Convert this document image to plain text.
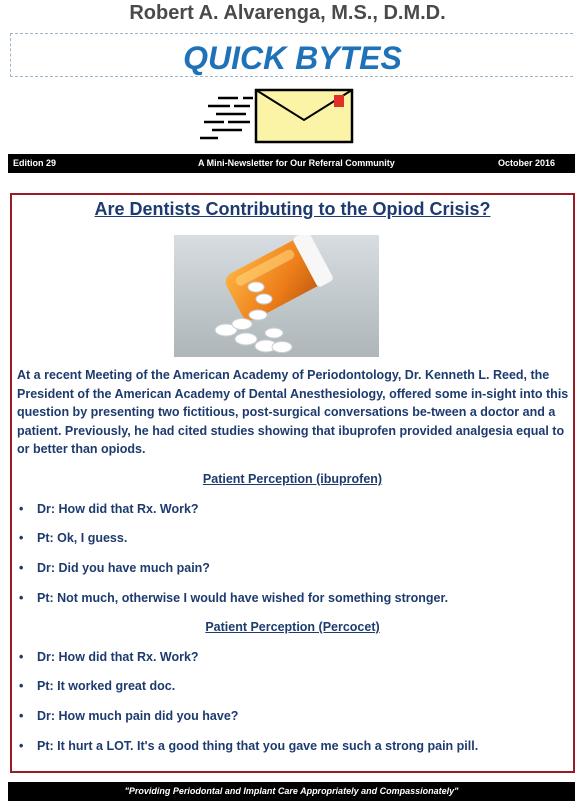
Robert A. Alvarenga, M.S., D.M.D.
QUICK BYTES
Edition 29	A Mini-Newsletter for Our Referral Community	October 2016
Are Dentists Contributing to the Opiod Crisis?
At a recent Meeting of the American Academy of Periodontology, Dr. Kenneth L. Reed, the President of the American Academy of Dental Anesthesiology, offered some in-sight into this question by presenting two fictitious, post-surgical conversations be-tween a doctor and a patient. Previously, he had cited studies showing that ibuprofen provided analgesia equal to or better than opiods.
Patient Perception (ibuprofen)
• Dr: How did that Rx. Work?
• Pt: Ok, I guess.
• Dr: Did you have much pain?
• Pt: Not much, otherwise I would have wished for something stronger.
Patient Perception (Percocet)
• Dr: How did that Rx. Work?
• Pt: It worked great doc.
• Dr: How much pain did you have?
• Pt: It hurt a LOT. It's a good thing that you gave me such a strong pain pill.
"Providing Periodontal and Implant Care Appropriately and Compassionately"
